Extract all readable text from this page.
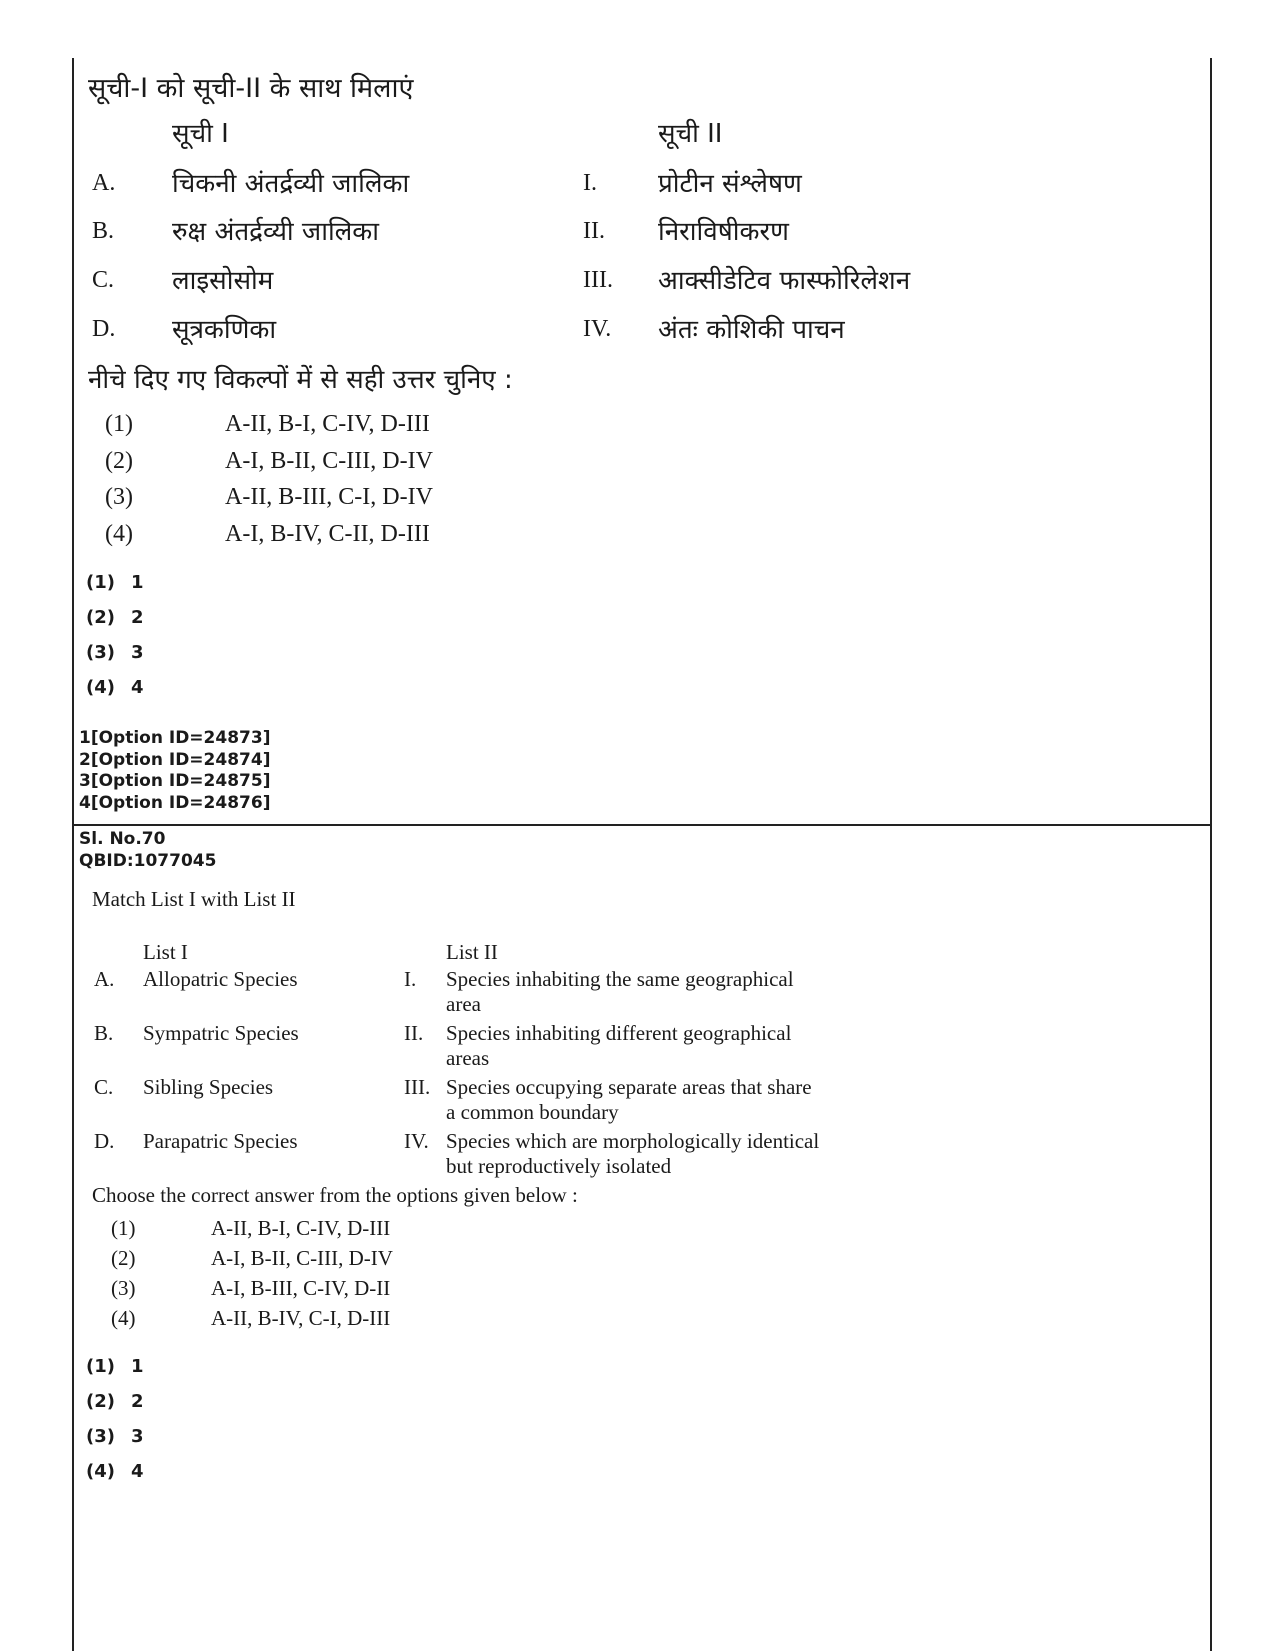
सूची-I को सूची-II के साथ मिलाएं
सूची I	सूची II
A. चिकनी अंतर्द्रव्यी जालिका	I. प्रोटीन संश्लेषण
B. रुक्ष अंतर्द्रव्यी जालिका	II. निराविषीकरण
C. लाइसोसोम	III. आक्सीडेटिव फास्फोरिलेशन
D. सूत्रकणिका	IV. अंतः कोशिकी पाचन
नीचे दिए गए विकल्पों में से सही उत्तर चुनिए :
(1)	A-II, B-I, C-IV, D-III
(2)	A-I, B-II, C-III, D-IV
(3)	A-II, B-III, C-I, D-IV
(4)	A-I, B-IV, C-II, D-III
(1) 1
(2) 2
(3) 3
(4) 4
1[Option ID=24873]
2[Option ID=24874]
3[Option ID=24875]
4[Option ID=24876]
Sl. No.70
QBID:1077045
Match List I with List II
List I	List II
A. Allopatric Species	I. Species inhabiting the same geographical
area
B. Sympatric Species	II. Species inhabiting different geographical
areas
C. Sibling Species	III. Species occupying separate areas that share
a common boundary
D. Parapatric Species	IV. Species which are morphologically identical
but reproductively isolated
Choose the correct answer from the options given below :
(1)	A-II, B-I, C-IV, D-III
(2)	A-I, B-II, C-III, D-IV
(3)	A-I, B-III, C-IV, D-II
(4)	A-II, B-IV, C-I, D-III
(1) 1
(2) 2
(3) 3
(4) 4
